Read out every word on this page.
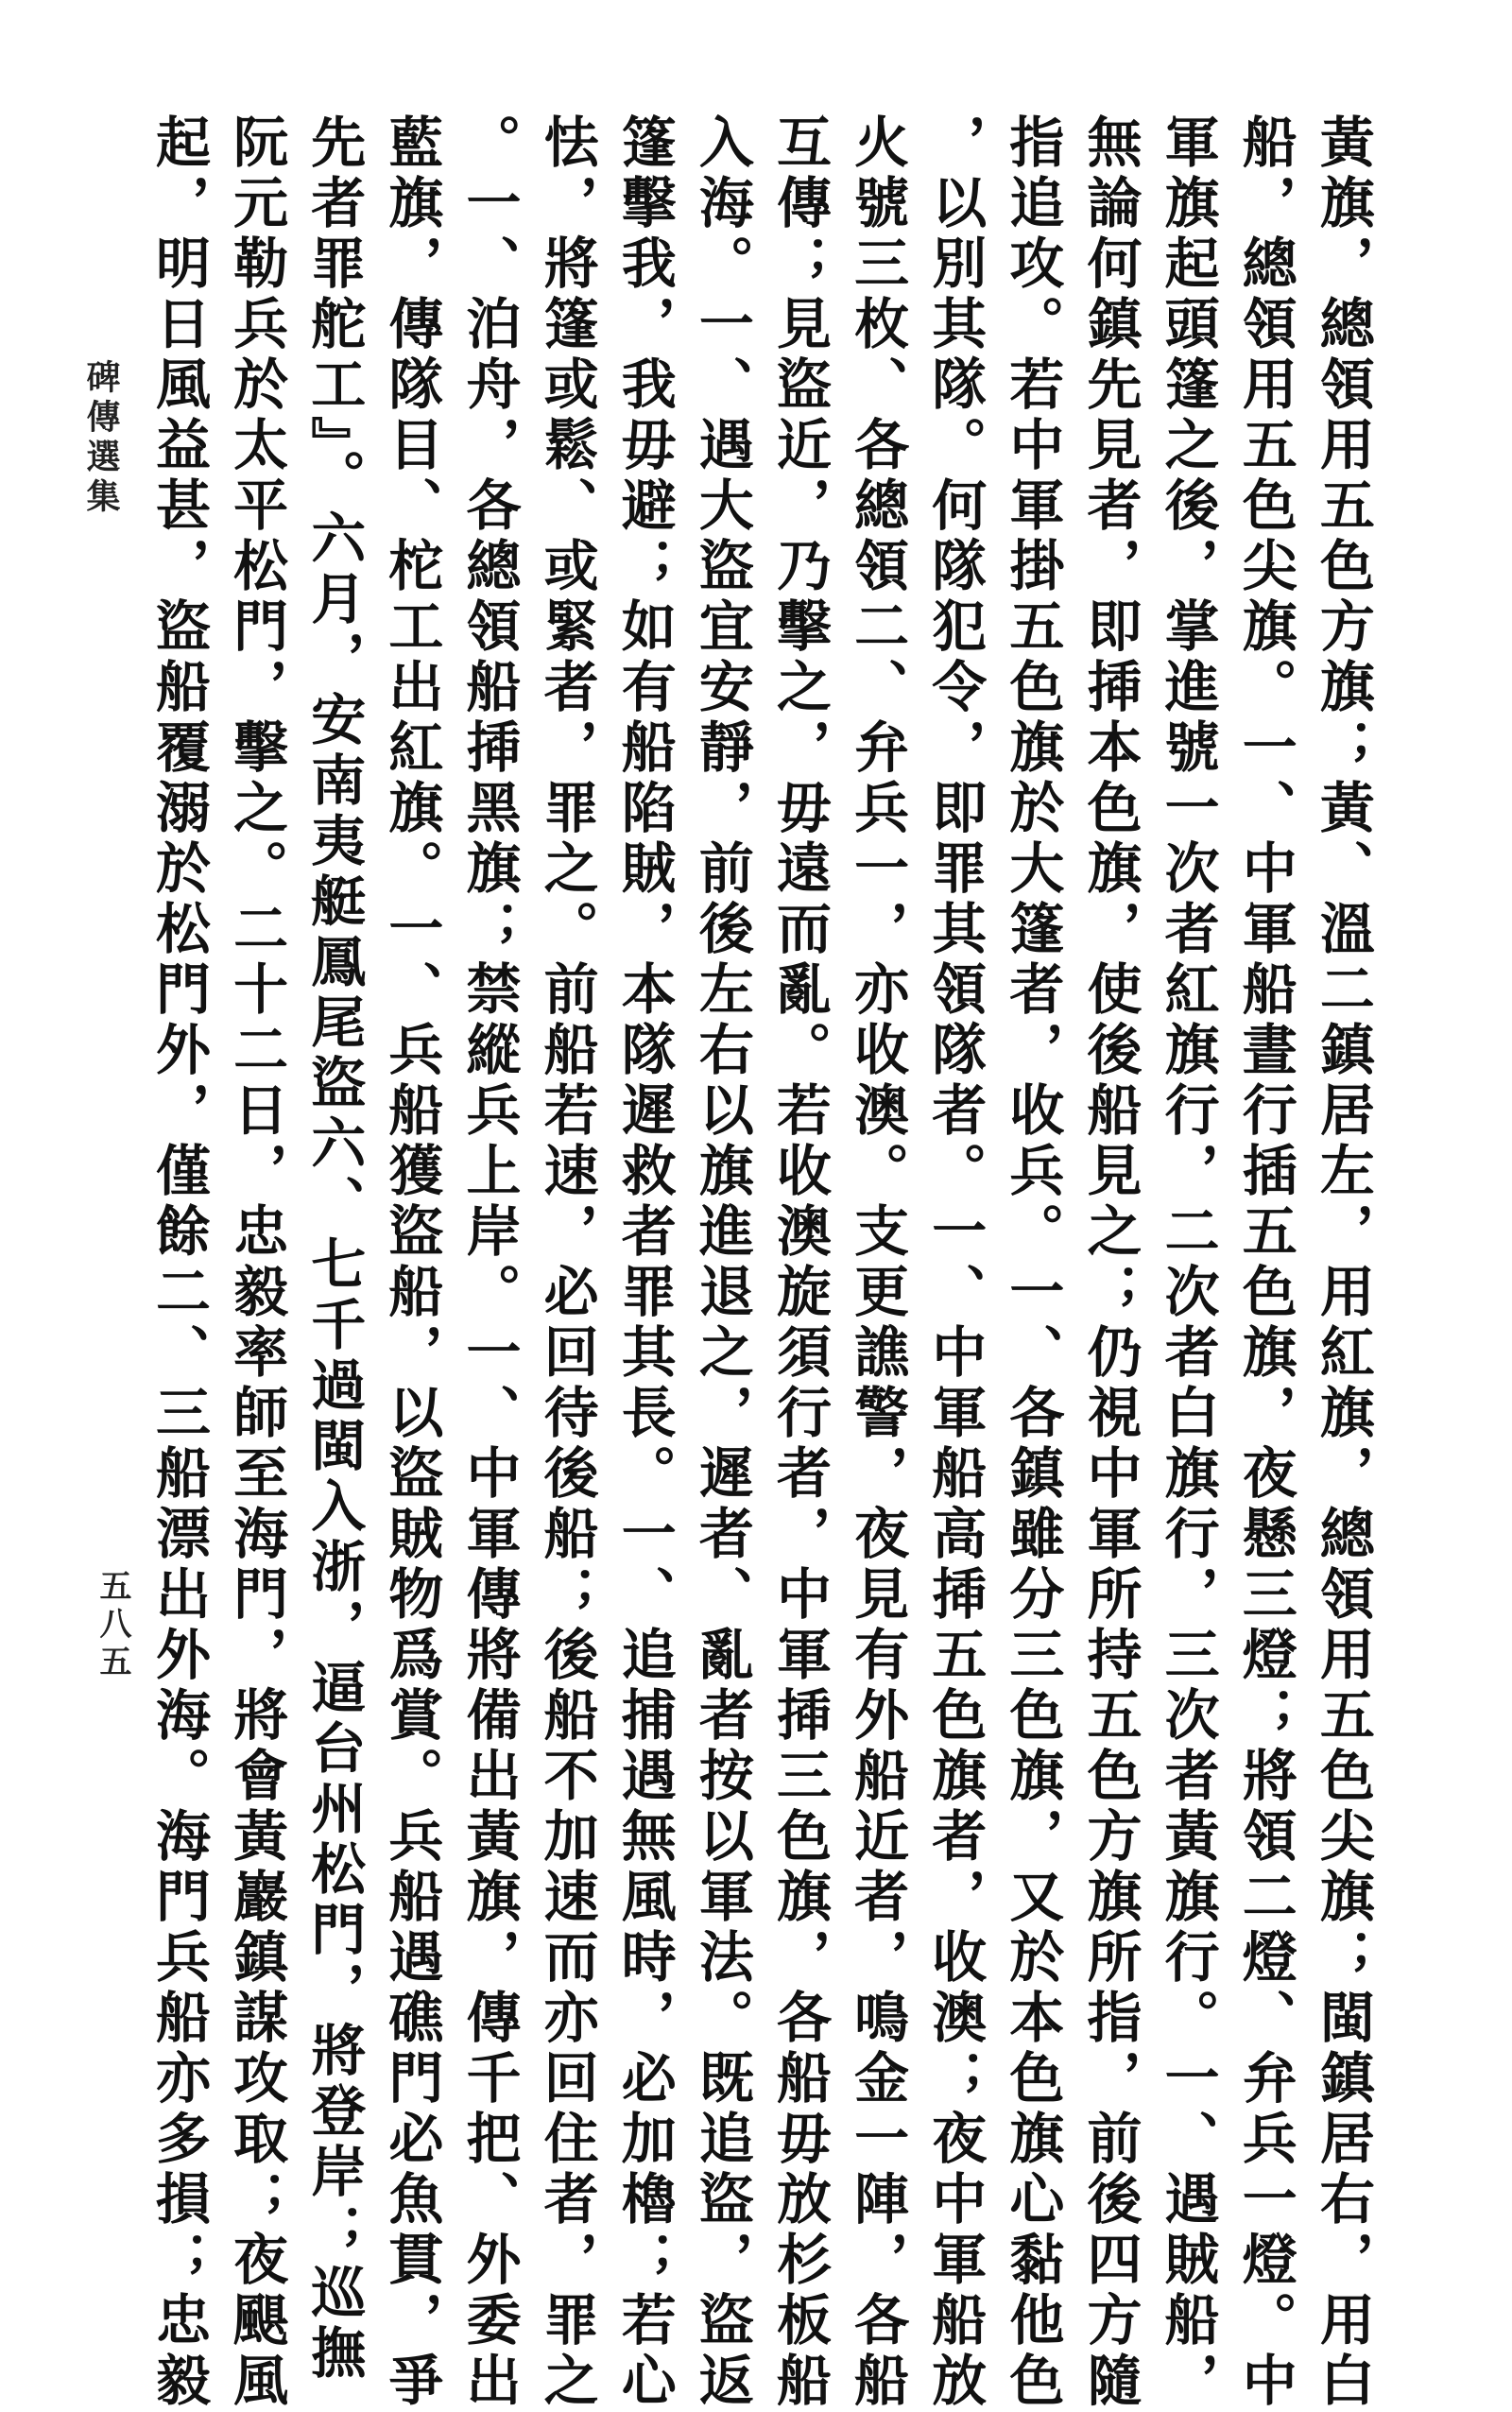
碑傳選集
五八五	黃旗，總領用五色方旗；黃、溫二鎮居左，用紅旗，總領用五色尖旗；閩鎮居右，用白
船，總領用五色尖旗。一、中軍船晝行插五色旗，夜懸三燈；將領二燈、弁兵一燈。中
軍旗起頭篷之後，掌進號一次者紅旗行，二次者白旗行，三次者黃旗行。一、遇賊船，
無論何鎮先見者，即揷本色旗，使後船見之；仍視中軍所持五色方旗所指，前後四方隨
指追攻。若中軍掛五色旗於大篷者，收兵。一、各鎮雖分三色旗，又於本色旗心黏他色
，以別其隊。何隊犯令，即罪其領隊者。一、中軍船高揷五色旗者，收澳；夜中軍船放
火號三枚、各總領二、弁兵一，亦收澳。支更譙警，夜見有外船近者，鳴金一陣，各船
互傳；見盜近，乃擊之，毋遠而亂。若收澳旋須行者，中軍揷三色旗，各船毋放杉板船
入海。一、遇大盜宜安靜，前後左右以旗進退之，遲者、亂者按以軍法。既追盜，盜返
篷擊我，我毋避；如有船陷賊，本隊遲救者罪其長。一、追捕遇無風時，必加櫓；若心
怯，將篷或鬆、或緊者，罪之。前船若速，必回待後船；後船不加速而亦回住者，罪之
。一、泊舟，各總領船揷黑旗；禁縱兵上岸。一、中軍傳將備出黃旗，傳千把、外委出
藍旗，傳隊目、柁工出紅旗。一、兵船獲盜船，以盜賊物爲賞。兵船遇礁門必魚貫，爭
先者罪舵工』。六月，安南夷艇鳳尾盜六、七千過閩入浙，逼台州松門，將登岸；巡撫
阮元勒兵於太平松門，擊之。二十二日，忠毅率師至海門，將會黃巖鎮謀攻取；夜颶風
起，明日風益甚，盜船覆溺於松門外，僅餘二、三船漂出外海。海門兵船亦多損；忠毅
